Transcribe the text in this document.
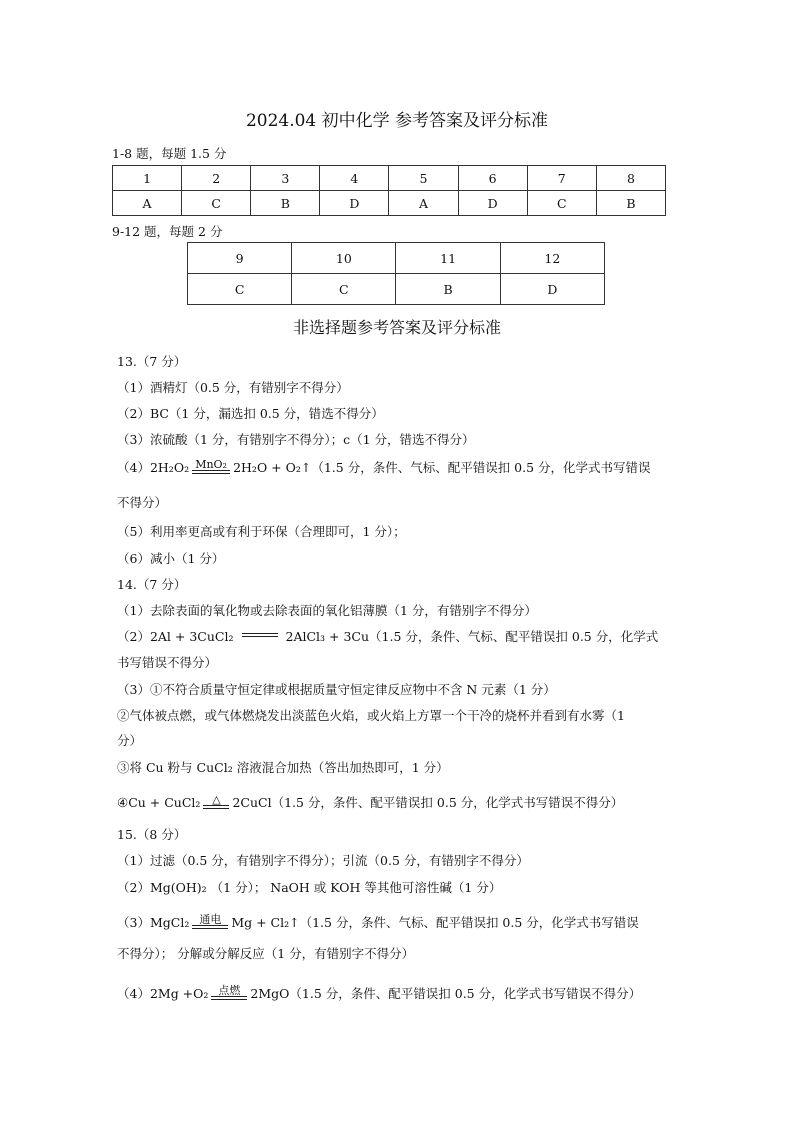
2024.04 初中化学 参考答案及评分标准
1-8 题，每题 1.5 分
1	2	3	4	5	6	7	8
A	C	B	D	A	D	C	B
9-12 题，每题 2 分
9	10	11	12
C	C	B	D
非选择题参考答案及评分标准
13.（7 分）
（1）酒精灯（0.5 分，有错别字不得分）
（2）BC（1 分，漏选扣 0.5 分，错选不得分）
（3）浓硫酸（1 分，有错别字不得分）；c（1 分，错选不得分）
（4）2H₂O₂ MnO₂ 2H₂O + O₂↑（1.5 分，条件、气标、配平错误扣 0.5 分，化学式书写错误
不得分）
（5）利用率更高或有利于环保（合理即可，1 分）；
（6）减小（1 分）
14.（7 分）
（1）去除表面的氧化物或去除表面的氧化铝薄膜（1 分，有错别字不得分）
（2）2Al + 3CuCl₂	2AlCl₃ + 3Cu（1.5 分，条件、气标、配平错误扣 0.5 分，化学式
书写错误不得分）
（3）①不符合质量守恒定律或根据质量守恒定律反应物中不含 N 元素（1 分）
②气体被点燃，或气体燃烧发出淡蓝色火焰，或火焰上方罩一个干冷的烧杯并看到有水雾（1
分）
③将 Cu 粉与 CuCl₂ 溶液混合加热（答出加热即可，1 分）
④Cu + CuCl₂	△ 2CuCl（1.5 分，条件、配平错误扣 0.5 分，化学式书写错误不得分）
15.（8 分）
（1）过滤（0.5 分，有错别字不得分）；引流（0.5 分，有错别字不得分）
（2）Mg(OH)₂ （1 分）； NaOH 或 KOH 等其他可溶性碱（1 分）
（3）MgCl₂ 通电 Mg + Cl₂↑（1.5 分，条件、气标、配平错误扣 0.5 分，化学式书写错误
不得分）； 分解或分解反应（1 分，有错别字不得分）
（4）2Mg +O₂ 点燃 2MgO（1.5 分，条件、配平错误扣 0.5 分，化学式书写错误不得分）
